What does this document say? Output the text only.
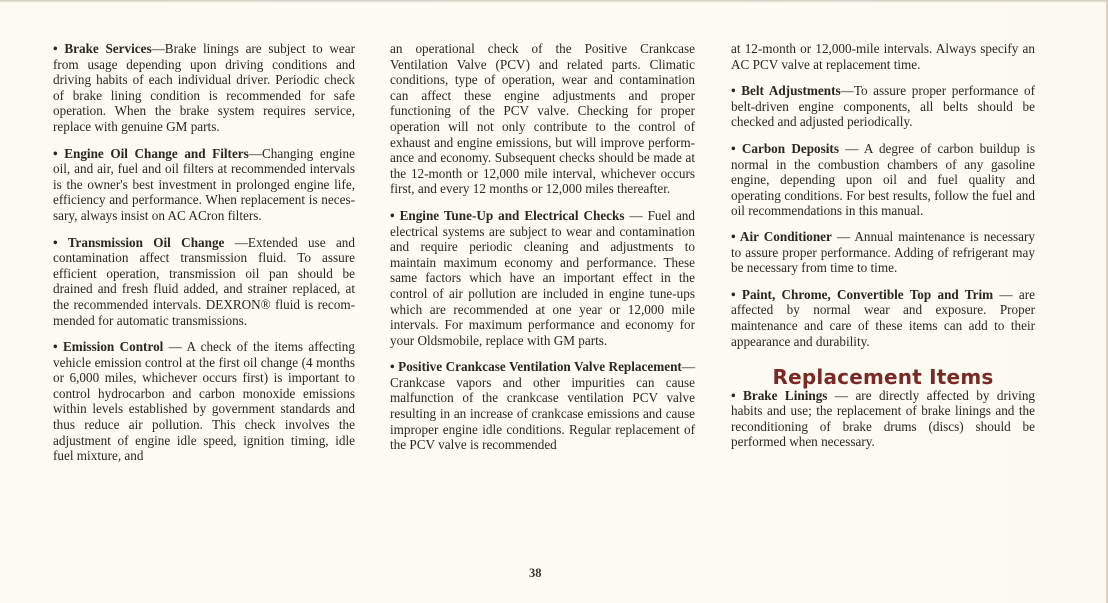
• Brake Services—Brake linings are subject to wear from usage depending upon driving conditions and driving habits of each individual driver. Periodic check of brake lining condition is recommended for safe operation. When the brake system requires service, replace with genuine GM parts.

• Engine Oil Change and Filters—Changing engine oil, and air, fuel and oil filters at recommended intervals is the owner's best investment in prolonged engine life, efficiency and performance. When replacement is necessary, always insist on AC ACron filters.

• Transmission Oil Change —Extended use and contamination affect transmission fluid. To assure efficient operation, transmission oil pan should be drained and fresh fluid added, and strainer replaced, at the recommended intervals. DEXRON® fluid is recommended for automatic transmissions.

• Emission Control — A check of the items affecting vehicle emission control at the first oil change (4 months or 6,000 miles, whichever occurs first) is important to control hydrocarbon and carbon monoxide emissions within levels established by government standards and thus reduce air pollution. This check involves the adjustment of engine idle speed, ignition timing, idle fuel mixture, and

an operational check of the Positive Crankcase Ventilation Valve (PCV) and related parts. Climatic conditions, type of operation, wear and contamination can affect these engine adjustments and proper functioning of the PCV valve. Checking for proper operation will not only contribute to the control of exhaust and engine emissions, but will improve performance and economy. Subsequent checks should be made at the 12-month or 12,000 mile interval, whichever occurs first, and every 12 months or 12,000 miles thereafter.

• Engine Tune-Up and Electrical Checks — Fuel and electrical systems are subject to wear and contamination and require periodic cleaning and adjustments to maintain maximum economy and performance. These same factors which have an important effect in the control of air pollution are included in engine tune-ups which are recommended at one year or 12,000 mile intervals. For maximum performance and economy for your Oldsmobile, replace with GM parts.

• Positive Crankcase Ventilation Valve Replacement—Crankcase vapors and other impurities can cause malfunction of the crankcase ventilation PCV valve resulting in an increase of crankcase emissions and cause improper engine idle conditions. Regular replacement of the PCV valve is recommended

at 12-month or 12,000-mile intervals. Always specify an AC PCV valve at replacement time.

• Belt Adjustments—To assure proper performance of belt-driven engine components, all belts should be checked and adjusted periodically.

• Carbon Deposits — A degree of carbon buildup is normal in the combustion chambers of any gasoline engine, depending upon oil and fuel quality and operating conditions. For best results, follow the fuel and oil recommendations in this manual.

• Air Conditioner — Annual maintenance is necessary to assure proper performance. Adding of refrigerant may be necessary from time to time.

• Paint, Chrome, Convertible Top and Trim — are affected by normal wear and exposure. Proper maintenance and care of these items can add to their appearance and durability.

Replacement Items

• Brake Linings — are directly affected by driving habits and use; the replacement of brake linings and the reconditioning of brake drums (discs) should be performed when necessary.

38
